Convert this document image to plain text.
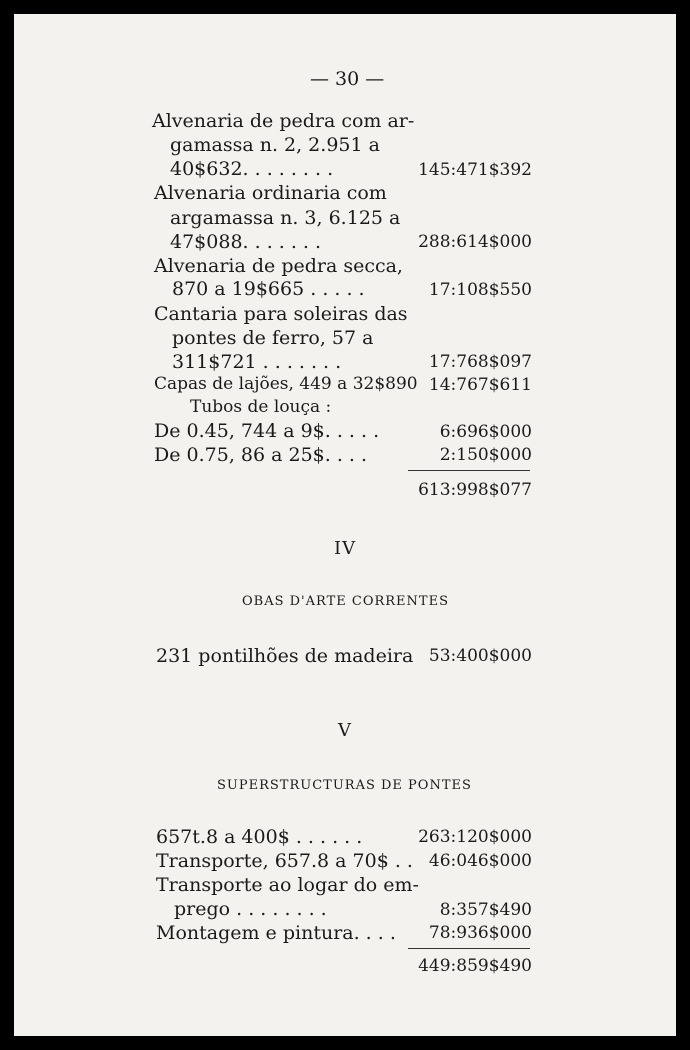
— 30 —
Alvenaria de pedra com ar-
gamassa n. 2, 2.951 a
40$632. . . . . . . .	145:471$392
Alvenaria ordinaria com
argamassa n. 3, 6.125 a
47$088. . . . . . .	288:614$000
Alvenaria de pedra secca,
870 a 19$665 . . . . .	17:108$550
Cantaria para soleiras das
pontes de ferro, 57 a
311$721 . . . . . . .	17:768$097
Capas de lajões, 449 a 32$890 14:767$611
Tubos de louça :
De 0.45, 744 a 9$. . . . .	6:696$000
De 0.75, 86 a 25$. . . .	2:150$000
613:998$077
IV
OBAS D'ARTE CORRENTES
231 pontilhões de madeira 53:400$000
V
SUPERSTRUCTURAS DE PONTES
657t.8 a 400$ . . . . . .	263:120$000
Transporte, 657.8 a 70$ . . 46:046$000
Transporte ao logar do em-
prego . . . . . . . .	8:357$490
Montagem e pintura. . . .	78:936$000
449:859$490
